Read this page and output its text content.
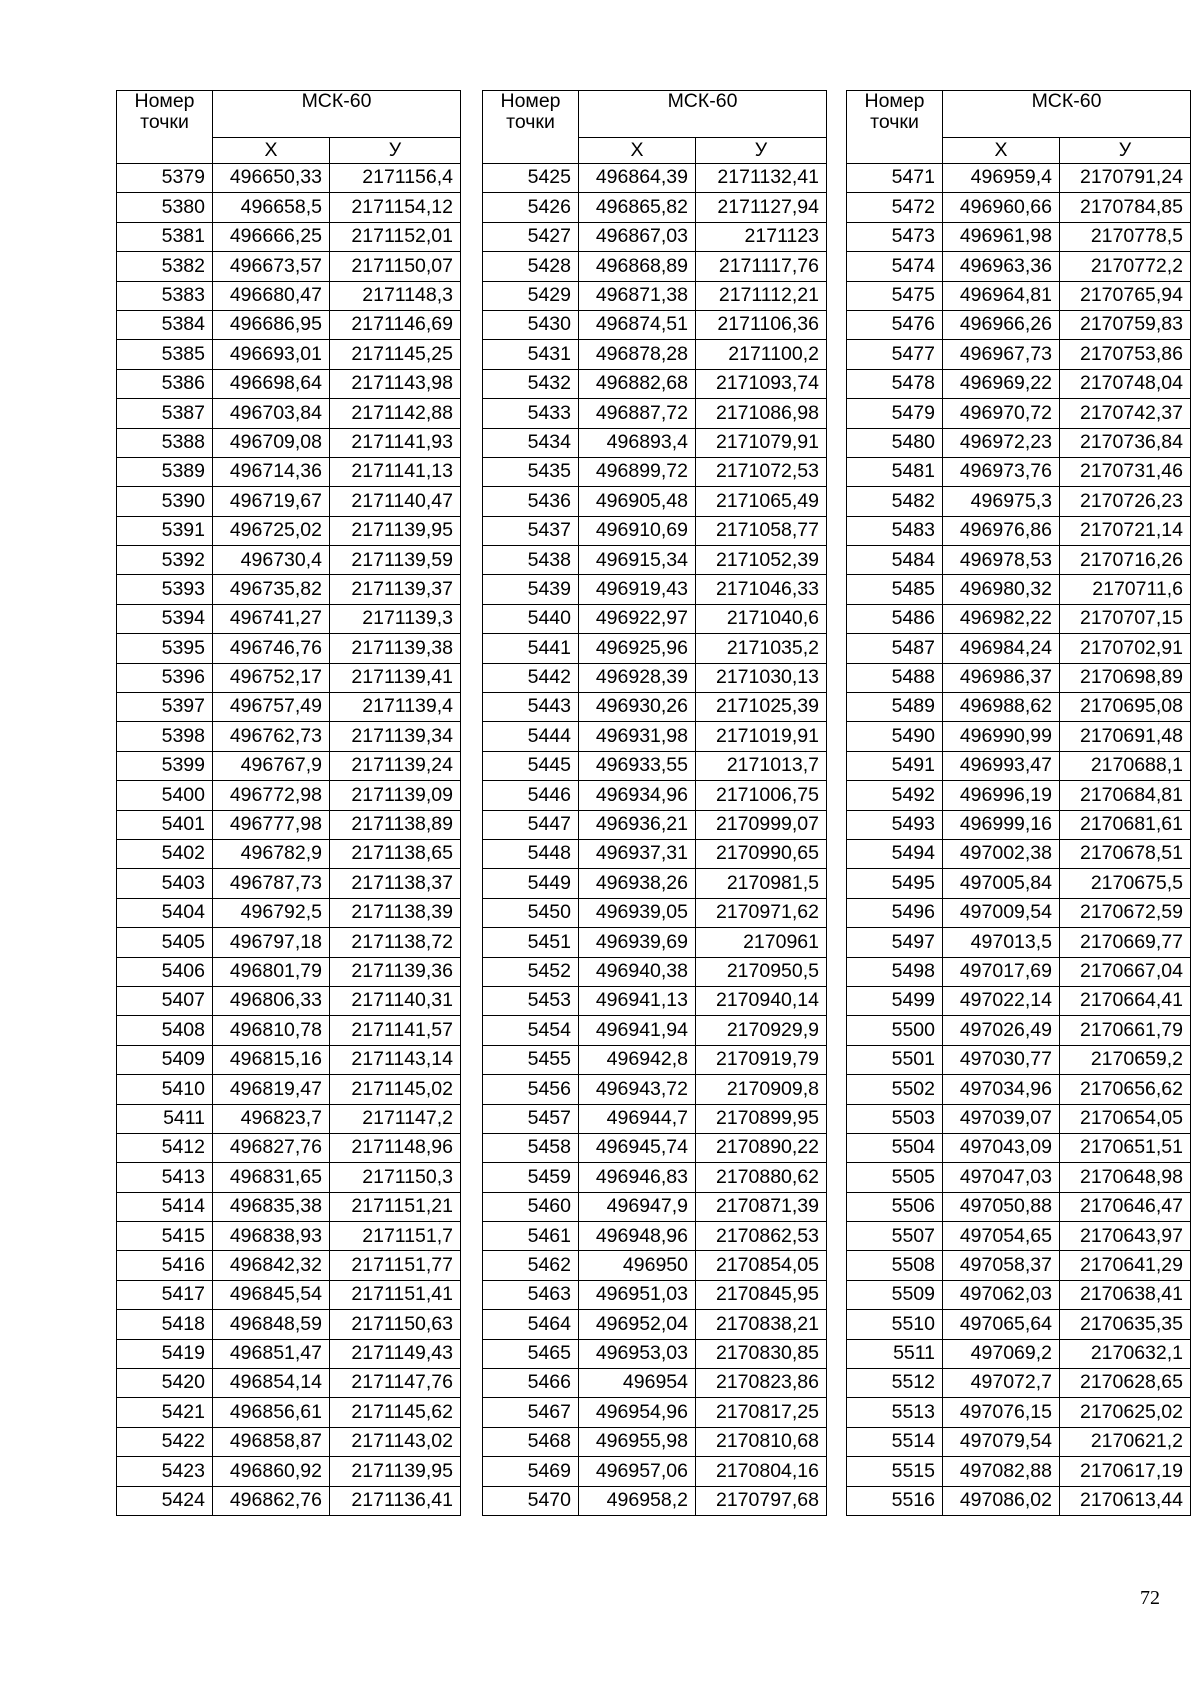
Номер точки	МСК-60	
	Х	У
5379	496650,33	2171156,4
5380	496658,5	2171154,12
5381	496666,25	2171152,01
5382	496673,57	2171150,07
5383	496680,47	2171148,3
5384	496686,95	2171146,69
5385	496693,01	2171145,25
5386	496698,64	2171143,98
5387	496703,84	2171142,88
5388	496709,08	2171141,93
5389	496714,36	2171141,13
5390	496719,67	2171140,47
5391	496725,02	2171139,95
5392	496730,4	2171139,59
5393	496735,82	2171139,37
5394	496741,27	2171139,3
5395	496746,76	2171139,38
5396	496752,17	2171139,41
5397	496757,49	2171139,4
5398	496762,73	2171139,34
5399	496767,9	2171139,24
5400	496772,98	2171139,09
5401	496777,98	2171138,89
5402	496782,9	2171138,65
5403	496787,73	2171138,37
5404	496792,5	2171138,39
5405	496797,18	2171138,72
5406	496801,79	2171139,36
5407	496806,33	2171140,31
5408	496810,78	2171141,57
5409	496815,16	2171143,14
5410	496819,47	2171145,02
5411	496823,7	2171147,2
5412	496827,76	2171148,96
5413	496831,65	2171150,3
5414	496835,38	2171151,21
5415	496838,93	2171151,7
5416	496842,32	2171151,77
5417	496845,54	2171151,41
5418	496848,59	2171150,63
5419	496851,47	2171149,43
5420	496854,14	2171147,76
5421	496856,61	2171145,62
5422	496858,87	2171143,02
5423	496860,92	2171139,95
5424	496862,76	2171136,41
Номер точки	МСК-60	
	Х	У
5425	496864,39	2171132,41
5426	496865,82	2171127,94
5427	496867,03	2171123
5428	496868,89	2171117,76
5429	496871,38	2171112,21
5430	496874,51	2171106,36
5431	496878,28	2171100,2
5432	496882,68	2171093,74
5433	496887,72	2171086,98
5434	496893,4	2171079,91
5435	496899,72	2171072,53
5436	496905,48	2171065,49
5437	496910,69	2171058,77
5438	496915,34	2171052,39
5439	496919,43	2171046,33
5440	496922,97	2171040,6
5441	496925,96	2171035,2
5442	496928,39	2171030,13
5443	496930,26	2171025,39
5444	496931,98	2171019,91
5445	496933,55	2171013,7
5446	496934,96	2171006,75
5447	496936,21	2170999,07
5448	496937,31	2170990,65
5449	496938,26	2170981,5
5450	496939,05	2170971,62
5451	496939,69	2170961
5452	496940,38	2170950,5
5453	496941,13	2170940,14
5454	496941,94	2170929,9
5455	496942,8	2170919,79
5456	496943,72	2170909,8
5457	496944,7	2170899,95
5458	496945,74	2170890,22
5459	496946,83	2170880,62
5460	496947,9	2170871,39
5461	496948,96	2170862,53
5462	496950	2170854,05
5463	496951,03	2170845,95
5464	496952,04	2170838,21
5465	496953,03	2170830,85
5466	496954	2170823,86
5467	496954,96	2170817,25
5468	496955,98	2170810,68
5469	496957,06	2170804,16
5470	496958,2	2170797,68
Номер точки	МСК-60	
	Х	У
5471	496959,4	2170791,24
5472	496960,66	2170784,85
5473	496961,98	2170778,5
5474	496963,36	2170772,2
5475	496964,81	2170765,94
5476	496966,26	2170759,83
5477	496967,73	2170753,86
5478	496969,22	2170748,04
5479	496970,72	2170742,37
5480	496972,23	2170736,84
5481	496973,76	2170731,46
5482	496975,3	2170726,23
5483	496976,86	2170721,14
5484	496978,53	2170716,26
5485	496980,32	2170711,6
5486	496982,22	2170707,15
5487	496984,24	2170702,91
5488	496986,37	2170698,89
5489	496988,62	2170695,08
5490	496990,99	2170691,48
5491	496993,47	2170688,1
5492	496996,19	2170684,81
5493	496999,16	2170681,61
5494	497002,38	2170678,51
5495	497005,84	2170675,5
5496	497009,54	2170672,59
5497	497013,5	2170669,77
5498	497017,69	2170667,04
5499	497022,14	2170664,41
5500	497026,49	2170661,79
5501	497030,77	2170659,2
5502	497034,96	2170656,62
5503	497039,07	2170654,05
5504	497043,09	2170651,51
5505	497047,03	2170648,98
5506	497050,88	2170646,47
5507	497054,65	2170643,97
5508	497058,37	2170641,29
5509	497062,03	2170638,41
5510	497065,64	2170635,35
5511	497069,2	2170632,1
5512	497072,7	2170628,65
5513	497076,15	2170625,02
5514	497079,54	2170621,2
5515	497082,88	2170617,19
5516	497086,02	2170613,44
72
